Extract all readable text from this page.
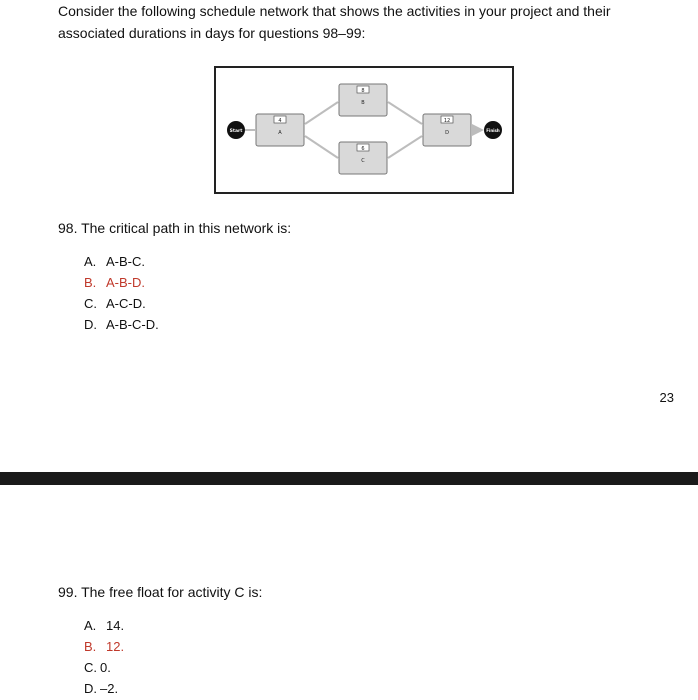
Consider the following schedule network that shows the activities in your project and their
associated durations in days for questions 98–99:
Start
4
A
8
B
6
C
12
D	Finish
98. The critical path in this network is:
A. A-B-C.
B. A-B-D.
C. A-C-D.
D. A-B-C-D.
23
99. The free float for activity C is:
A. 14.
B. 12.
C. 0.
D. –2.
